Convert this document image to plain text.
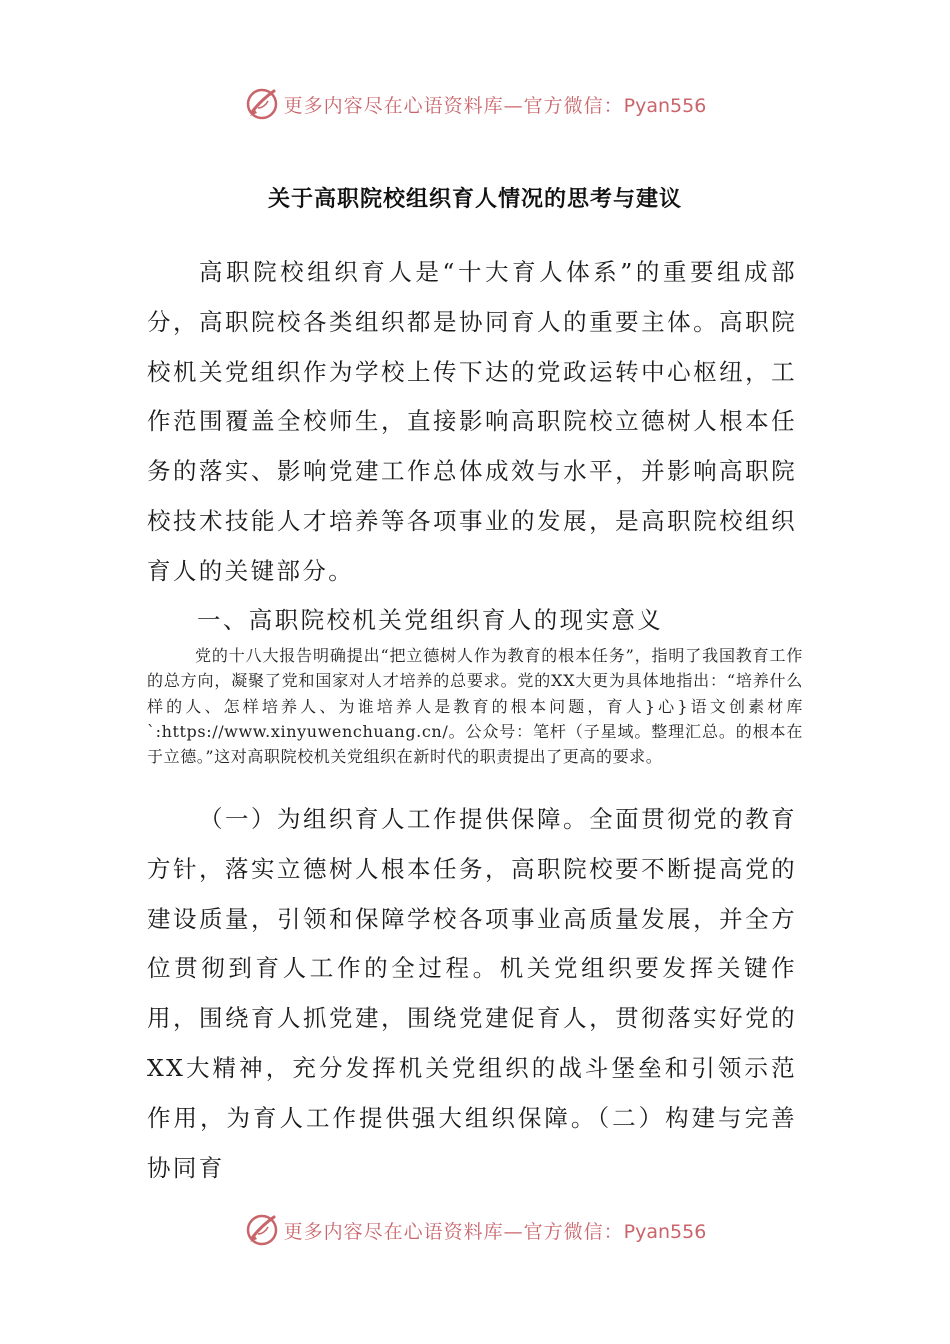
更多内容尽在心语资料库—官方微信：Pyan556
关于高职院校组织育人情况的思考与建议

高职院校组织育人是“十大育人体系”的重要组成部分，高职院校各类组织都是协同育人的重要主体。高职院校机关党组织作为学校上传下达的党政运转中心枢纽，工作范围覆盖全校师生，直接影响高职院校立德树人根本任务的落实、影响党建工作总体成效与水平，并影响高职院校技术技能人才培养等各项事业的发展，是高职院校组织育人的关键部分。

一、高职院校机关党组织育人的现实意义

党的十八大报告明确提出“把立德树人作为教育的根本任务”，指明了我国教育工作的总方向，凝聚了党和国家对人才培养的总要求。党的XX大更为具体地指出：“培养什么样的人、怎样培养人、为谁培养人是教育的根本问题，育人}心}语文创素材库`:https://www.xinyuwenchuang.cn/。公众号：笔杆（子星域。整理汇总。的根本在于立德。”这对高职院校机关党组织在新时代的职责提出了更高的要求。

（一）为组织育人工作提供保障。全面贯彻党的教育方针，落实立德树人根本任务，高职院校要不断提高党的建设质量，引领和保障学校各项事业高质量发展，并全方位贯彻到育人工作的全过程。机关党组织要发挥关键作用，围绕育人抓党建，围绕党建促育人，贯彻落实好党的XX大精神，充分发挥机关党组织的战斗堡垒和引领示范作用，为育人工作提供强大组织保障。（二）构建与完善协同育

更多内容尽在心语资料库—官方微信：Pyan556
